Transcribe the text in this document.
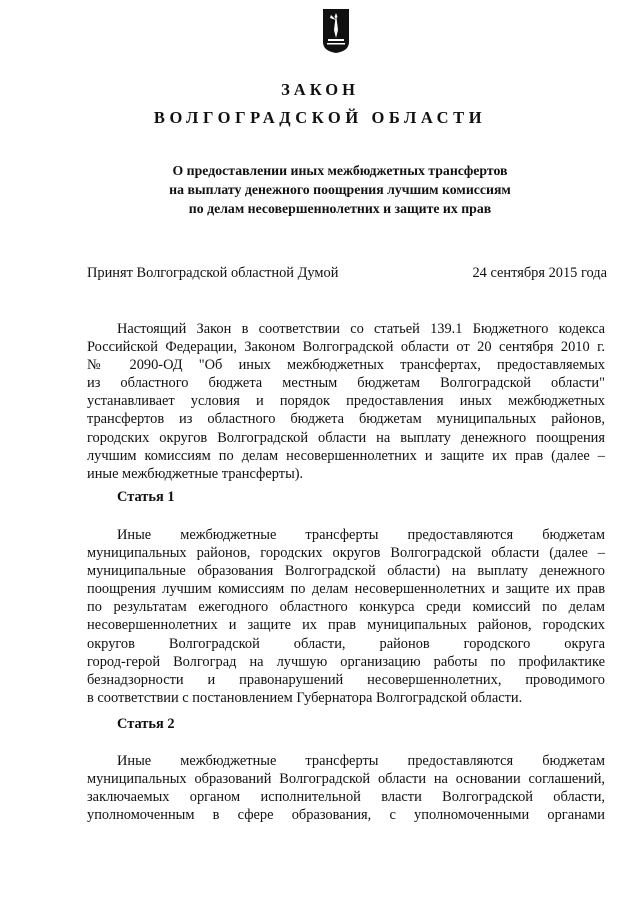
ЗАКОН
ВОЛГОГРАДСКОЙ ОБЛАСТИ
О предоставлении иных межбюджетных трансфертов
на выплату денежного поощрения лучшим комиссиям
по делам несовершеннолетних и защите их прав
Принят Волгоградской областной Думой	24 сентября 2015 года
Настоящий Закон в соответствии со статьей 139.1 Бюджетного кодекса
Российской Федерации, Законом Волгоградской области от 20 сентября 2010 г.
№ 2090-ОД "Об иных межбюджетных трансфертах, предоставляемых
из областного бюджета местным бюджетам Волгоградской области"
устанавливает условия и порядок предоставления иных межбюджетных
трансфертов из областного бюджета бюджетам муниципальных районов,
городских округов Волгоградской области на выплату денежного поощрения
лучшим комиссиям по делам несовершеннолетних и защите их прав (далее –
иные межбюджетные трансферты).
Статья 1
Иные межбюджетные трансферты предоставляются бюджетам
муниципальных районов, городских округов Волгоградской области (далее –
муниципальные образования Волгоградской области) на выплату денежного
поощрения лучшим комиссиям по делам несовершеннолетних и защите их прав
по результатам ежегодного областного конкурса среди комиссий по делам
несовершеннолетних и защите их прав муниципальных районов, городских
округов Волгоградской области, районов городского округа
город-герой Волгоград на лучшую организацию работы по профилактике
безнадзорности и правонарушений несовершеннолетних, проводимого
в соответствии с постановлением Губернатора Волгоградской области.
Статья 2
Иные межбюджетные трансферты предоставляются бюджетам
муниципальных образований Волгоградской области на основании соглашений,
заключаемых органом исполнительной власти Волгоградской области,
уполномоченным в сфере образования, с уполномоченными органами
